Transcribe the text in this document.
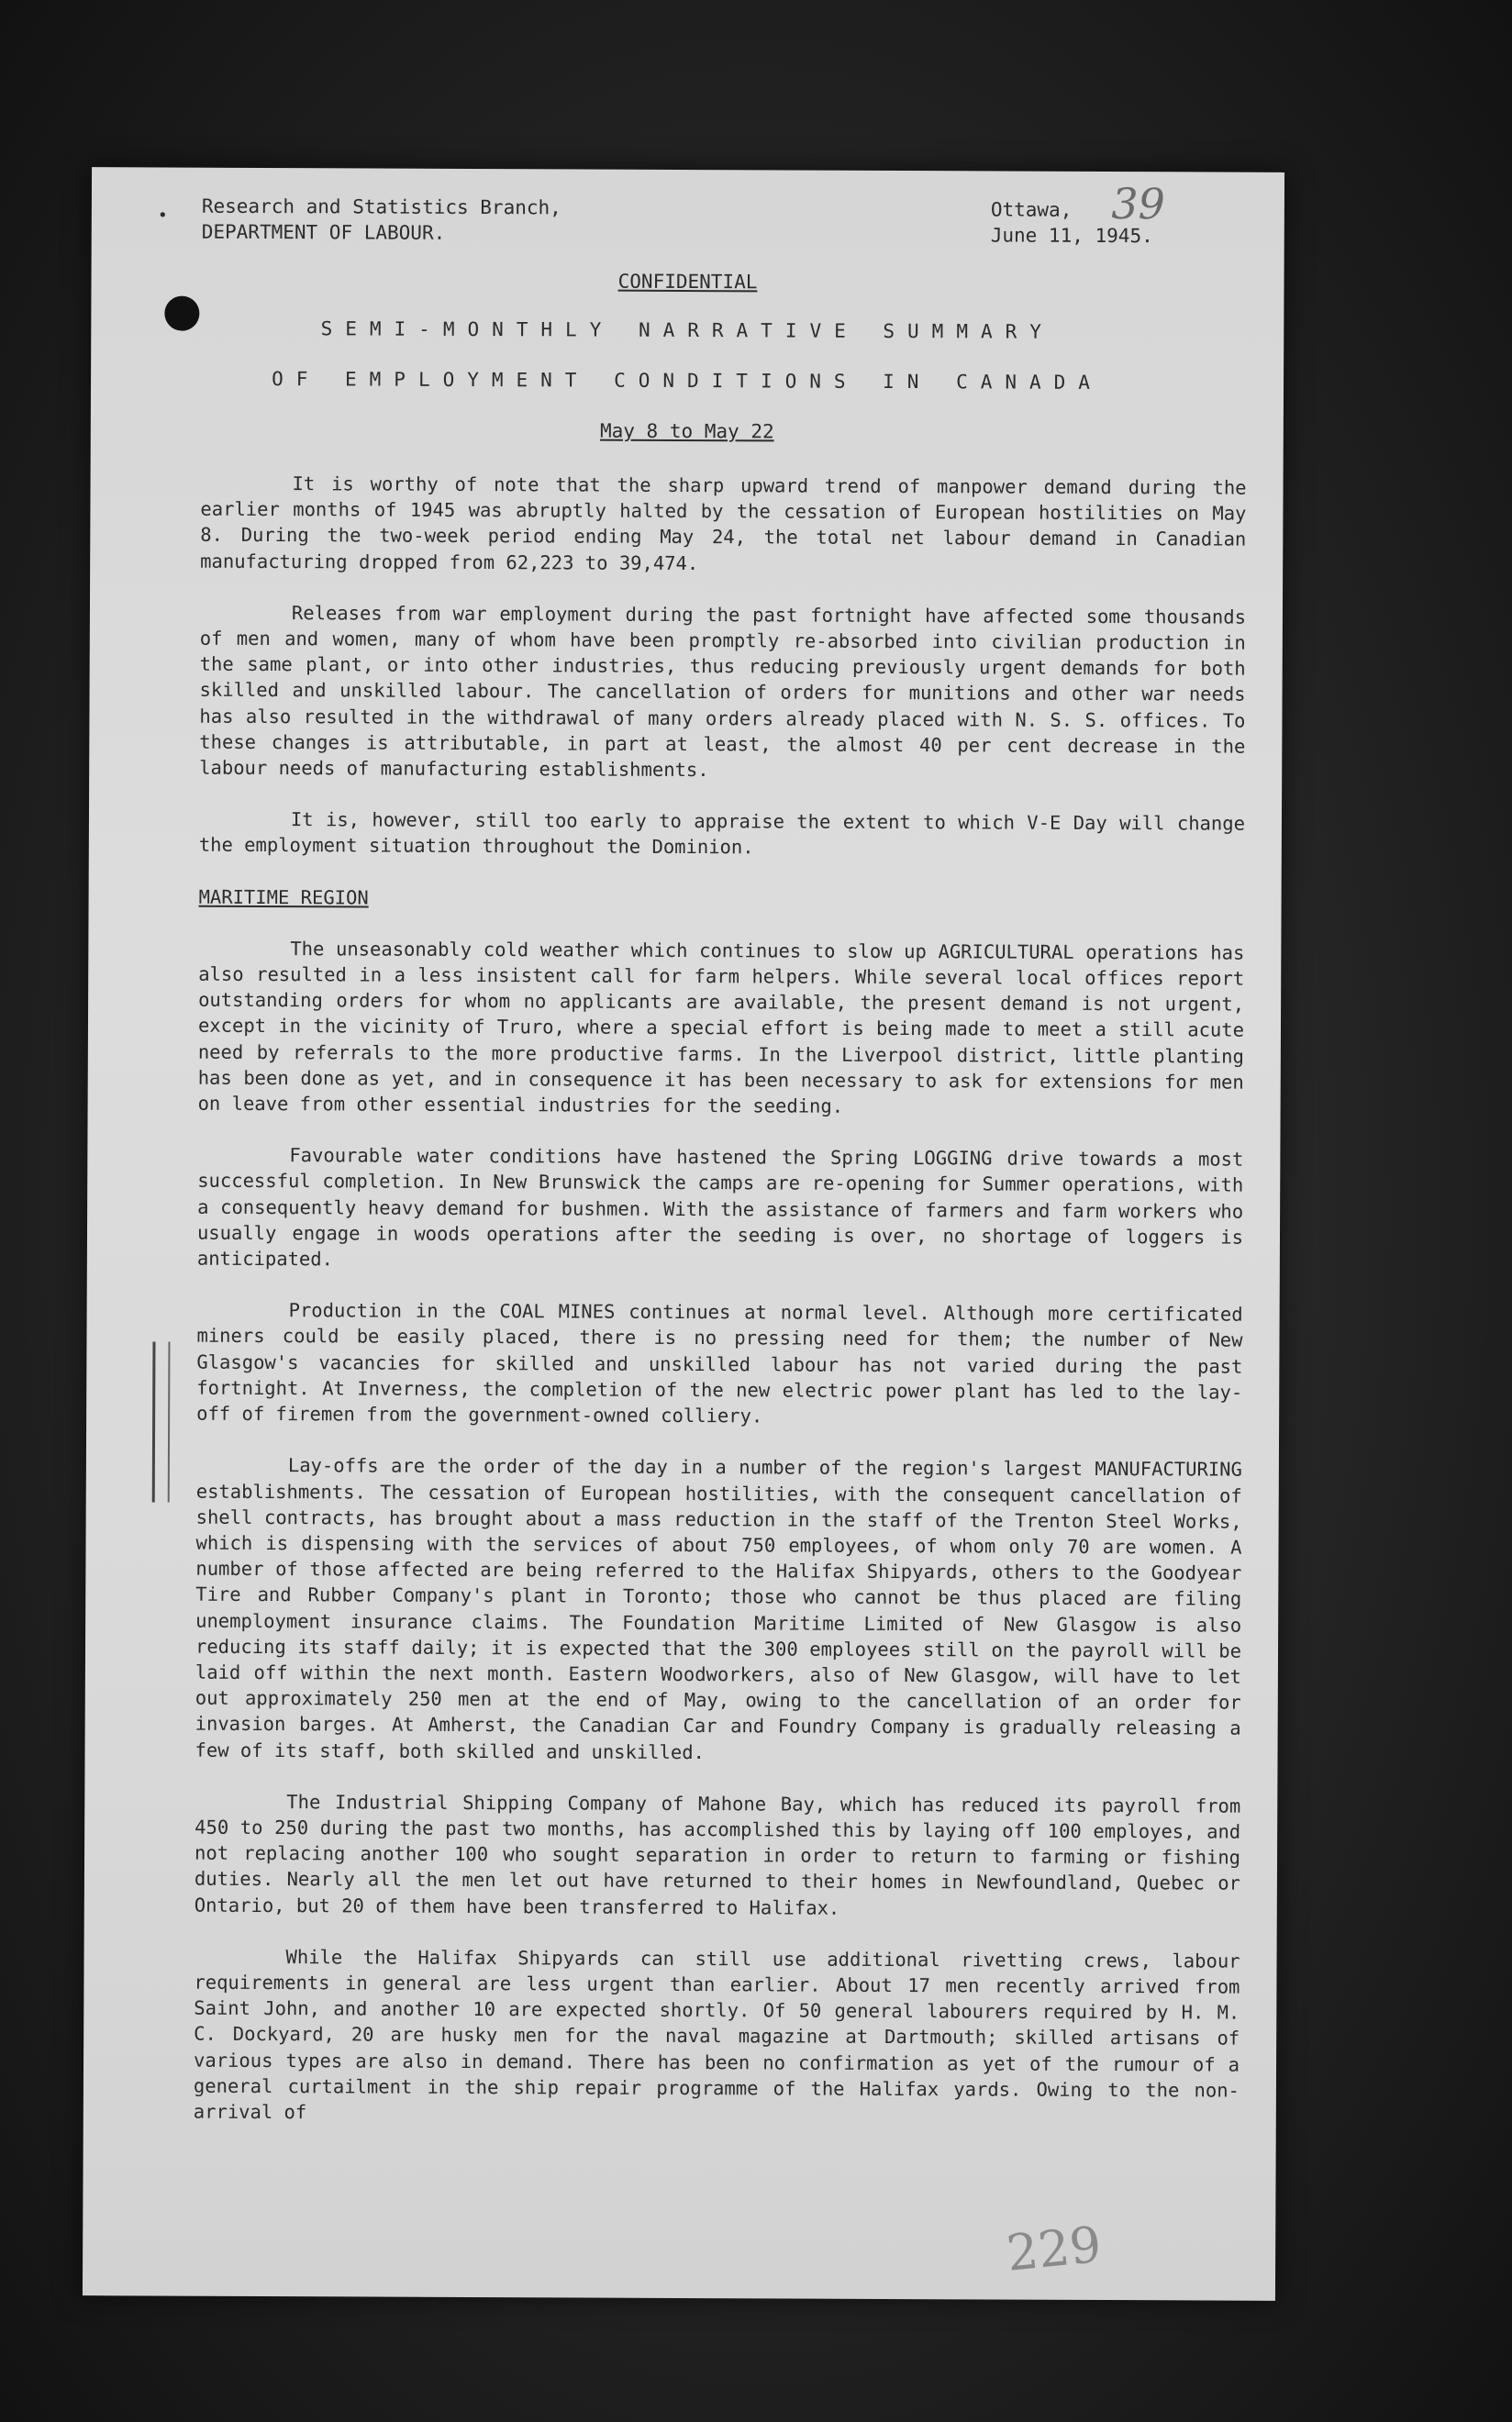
•	39
Research and Statistics Branch,
DEPARTMENT OF LABOUR.
Ottawa,
June 11, 1945.
CONFIDENTIAL
SEMI-MONTHLY NARRATIVE SUMMARY
OF EMPLOYMENT CONDITIONS IN CANADA
May 8 to May 22

It is worthy of note that the sharp upward trend of manpower demand during the earlier months of 1945 was abruptly halted by the cessation of European hostilities on May 8. During the two-week period ending May 24, the total net labour demand in Canadian manufacturing dropped from 62,223 to 39,474.

Releases from war employment during the past fortnight have affected some thousands of men and women, many of whom have been promptly re-absorbed into civilian production in the same plant, or into other industries, thus reducing previously urgent demands for both skilled and unskilled labour. The cancellation of orders for munitions and other war needs has also resulted in the withdrawal of many orders already placed with N. S. S. offices. To these changes is attributable, in part at least, the almost 40 per cent decrease in the labour needs of manufacturing establishments.

It is, however, still too early to appraise the extent to which V-E Day will change the employment situation throughout the Dominion.

MARITIME REGION

The unseasonably cold weather which continues to slow up AGRICULTURAL operations has also resulted in a less insistent call for farm helpers. While several local offices report outstanding orders for whom no applicants are available, the present demand is not urgent, except in the vicinity of Truro, where a special effort is being made to meet a still acute need by referrals to the more productive farms. In the Liverpool district, little planting has been done as yet, and in consequence it has been necessary to ask for extensions for men on leave from other essential industries for the seeding.

Favourable water conditions have hastened the Spring LOGGING drive towards a most successful completion. In New Brunswick the camps are re-opening for Summer operations, with a consequently heavy demand for bushmen. With the assistance of farmers and farm workers who usually engage in woods operations after the seeding is over, no shortage of loggers is anticipated.

Production in the COAL MINES continues at normal level. Although more certificated miners could be easily placed, there is no pressing need for them; the number of New Glasgow's vacancies for skilled and unskilled labour has not varied during the past fortnight. At Inverness, the completion of the new electric power plant has led to the lay-off of firemen from the government-owned colliery.

Lay-offs are the order of the day in a number of the region's largest MANUFACTURING establishments. The cessation of European hostilities, with the consequent cancellation of shell contracts, has brought about a mass reduction in the staff of the Trenton Steel Works, which is dispensing with the services of about 750 employees, of whom only 70 are women. A number of those affected are being referred to the Halifax Shipyards, others to the Goodyear Tire and Rubber Company's plant in Toronto; those who cannot be thus placed are filing unemployment insurance claims. The Foundation Maritime Limited of New Glasgow is also reducing its staff daily; it is expected that the 300 employees still on the payroll will be laid off within the next month. Eastern Woodworkers, also of New Glasgow, will have to let out approximately 250 men at the end of May, owing to the cancellation of an order for invasion barges. At Amherst, the Canadian Car and Foundry Company is gradually releasing a few of its staff, both skilled and unskilled.

The Industrial Shipping Company of Mahone Bay, which has reduced its payroll from 450 to 250 during the past two months, has accomplished this by laying off 100 employes, and not replacing another 100 who sought separation in order to return to farming or fishing duties. Nearly all the men let out have returned to their homes in Newfoundland, Quebec or Ontario, but 20 of them have been transferred to Halifax.

While the Halifax Shipyards can still use additional rivetting crews, labour requirements in general are less urgent than earlier. About 17 men recently arrived from Saint John, and another 10 are expected shortly. Of 50 general labourers required by H. M. C. Dockyard, 20 are husky men for the naval magazine at Dartmouth; skilled artisans of various types are also in demand. There has been no confirmation as yet of the rumour of a general curtailment in the ship repair programme of the Halifax yards. Owing to the non-arrival of

229
